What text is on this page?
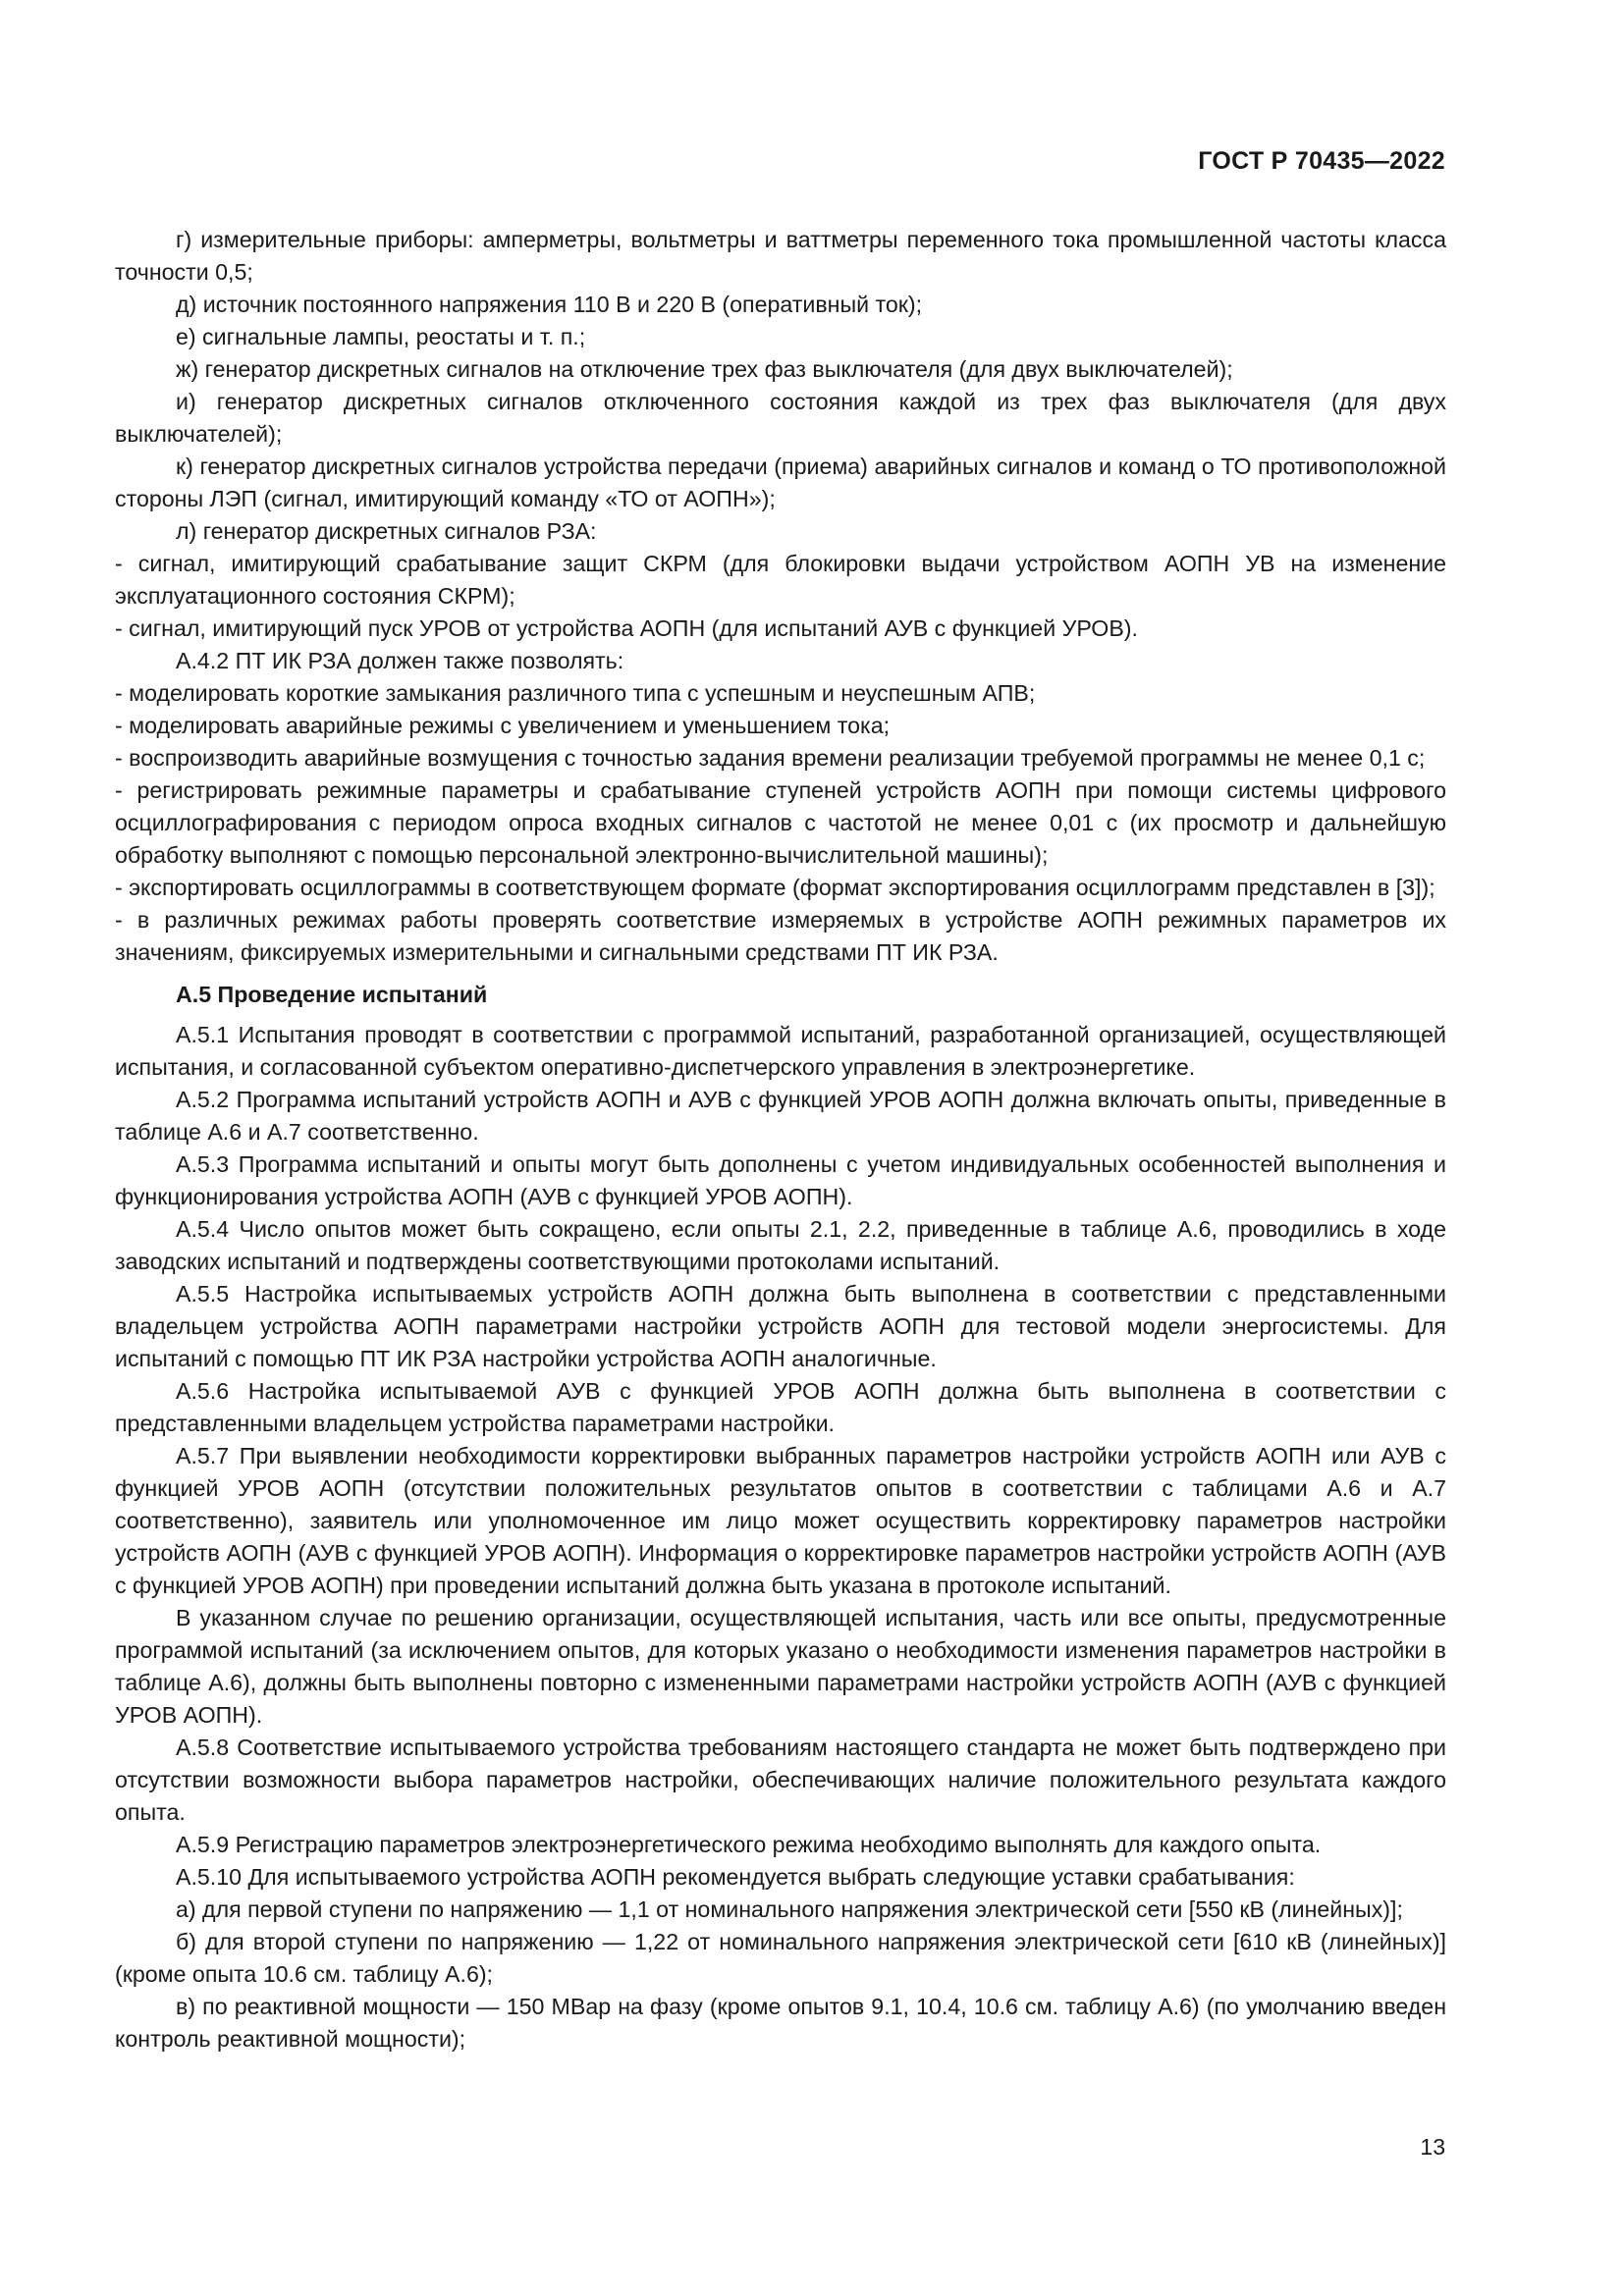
ГОСТ Р 70435—2022

г) измерительные приборы: амперметры, вольтметры и ваттметры переменного тока промышленной частоты класса точности 0,5;

д) источник постоянного напряжения 110 В и 220 В (оперативный ток);

е) сигнальные лампы, реостаты и т. п.;

ж) генератор дискретных сигналов на отключение трех фаз выключателя (для двух выключателей);

и) генератор дискретных сигналов отключенного состояния каждой из трех фаз выключателя (для двух выключателей);

к) генератор дискретных сигналов устройства передачи (приема) аварийных сигналов и команд о ТО противоположной стороны ЛЭП (сигнал, имитирующий команду «ТО от АОПН»);

л) генератор дискретных сигналов РЗА:

- сигнал, имитирующий срабатывание защит СКРМ (для блокировки выдачи устройством АОПН УВ на изменение эксплуатационного состояния СКРМ);

- сигнал, имитирующий пуск УРОВ от устройства АОПН (для испытаний АУВ с функцией УРОВ).

А.4.2 ПТ ИК РЗА должен также позволять:

- моделировать короткие замыкания различного типа с успешным и неуспешным АПВ;

- моделировать аварийные режимы с увеличением и уменьшением тока;

- воспроизводить аварийные возмущения с точностью задания времени реализации требуемой программы не менее 0,1 с;

- регистрировать режимные параметры и срабатывание ступеней устройств АОПН при помощи системы цифрового осциллографирования с периодом опроса входных сигналов с частотой не менее 0,01 с (их просмотр и дальнейшую обработку выполняют с помощью персональной электронно-вычислительной машины);

- экспортировать осциллограммы в соответствующем формате (формат экспортирования осциллограмм представлен в [3]);

- в различных режимах работы проверять соответствие измеряемых в устройстве АОПН режимных параметров их значениям, фиксируемых измерительными и сигнальными средствами ПТ ИК РЗА.

А.5 Проведение испытаний

А.5.1 Испытания проводят в соответствии с программой испытаний, разработанной организацией, осуществляющей испытания, и согласованной субъектом оперативно-диспетчерского управления в электроэнергетике.

А.5.2 Программа испытаний устройств АОПН и АУВ с функцией УРОВ АОПН должна включать опыты, приведенные в таблице А.6 и А.7 соответственно.

А.5.3 Программа испытаний и опыты могут быть дополнены с учетом индивидуальных особенностей выполнения и функционирования устройства АОПН (АУВ с функцией УРОВ АОПН).

А.5.4 Число опытов может быть сокращено, если опыты 2.1, 2.2, приведенные в таблице А.6, проводились в ходе заводских испытаний и подтверждены соответствующими протоколами испытаний.

А.5.5 Настройка испытываемых устройств АОПН должна быть выполнена в соответствии с представленными владельцем устройства АОПН параметрами настройки устройств АОПН для тестовой модели энергосистемы. Для испытаний с помощью ПТ ИК РЗА настройки устройства АОПН аналогичные.

А.5.6 Настройка испытываемой АУВ с функцией УРОВ АОПН должна быть выполнена в соответствии с представленными владельцем устройства параметрами настройки.

А.5.7 При выявлении необходимости корректировки выбранных параметров настройки устройств АОПН или АУВ с функцией УРОВ АОПН (отсутствии положительных результатов опытов в соответствии с таблицами А.6 и А.7 соответственно), заявитель или уполномоченное им лицо может осуществить корректировку параметров настройки устройств АОПН (АУВ с функцией УРОВ АОПН). Информация о корректировке параметров настройки устройств АОПН (АУВ с функцией УРОВ АОПН) при проведении испытаний должна быть указана в протоколе испытаний.

В указанном случае по решению организации, осуществляющей испытания, часть или все опыты, предусмотренные программой испытаний (за исключением опытов, для которых указано о необходимости изменения параметров настройки в таблице А.6), должны быть выполнены повторно с измененными параметрами настройки устройств АОПН (АУВ с функцией УРОВ АОПН).

А.5.8 Соответствие испытываемого устройства требованиям настоящего стандарта не может быть подтверждено при отсутствии возможности выбора параметров настройки, обеспечивающих наличие положительного результата каждого опыта.

А.5.9 Регистрацию параметров электроэнергетического режима необходимо выполнять для каждого опыта.

А.5.10 Для испытываемого устройства АОПН рекомендуется выбрать следующие уставки срабатывания:

а) для первой ступени по напряжению — 1,1 от номинального напряжения электрической сети [550 кВ (линейных)];

б) для второй ступени по напряжению — 1,22 от номинального напряжения электрической сети [610 кВ (линейных)] (кроме опыта 10.6 см. таблицу А.6);

в) по реактивной мощности — 150 МВар на фазу (кроме опытов 9.1, 10.4, 10.6 см. таблицу А.6) (по умолчанию введен контроль реактивной мощности);

13
